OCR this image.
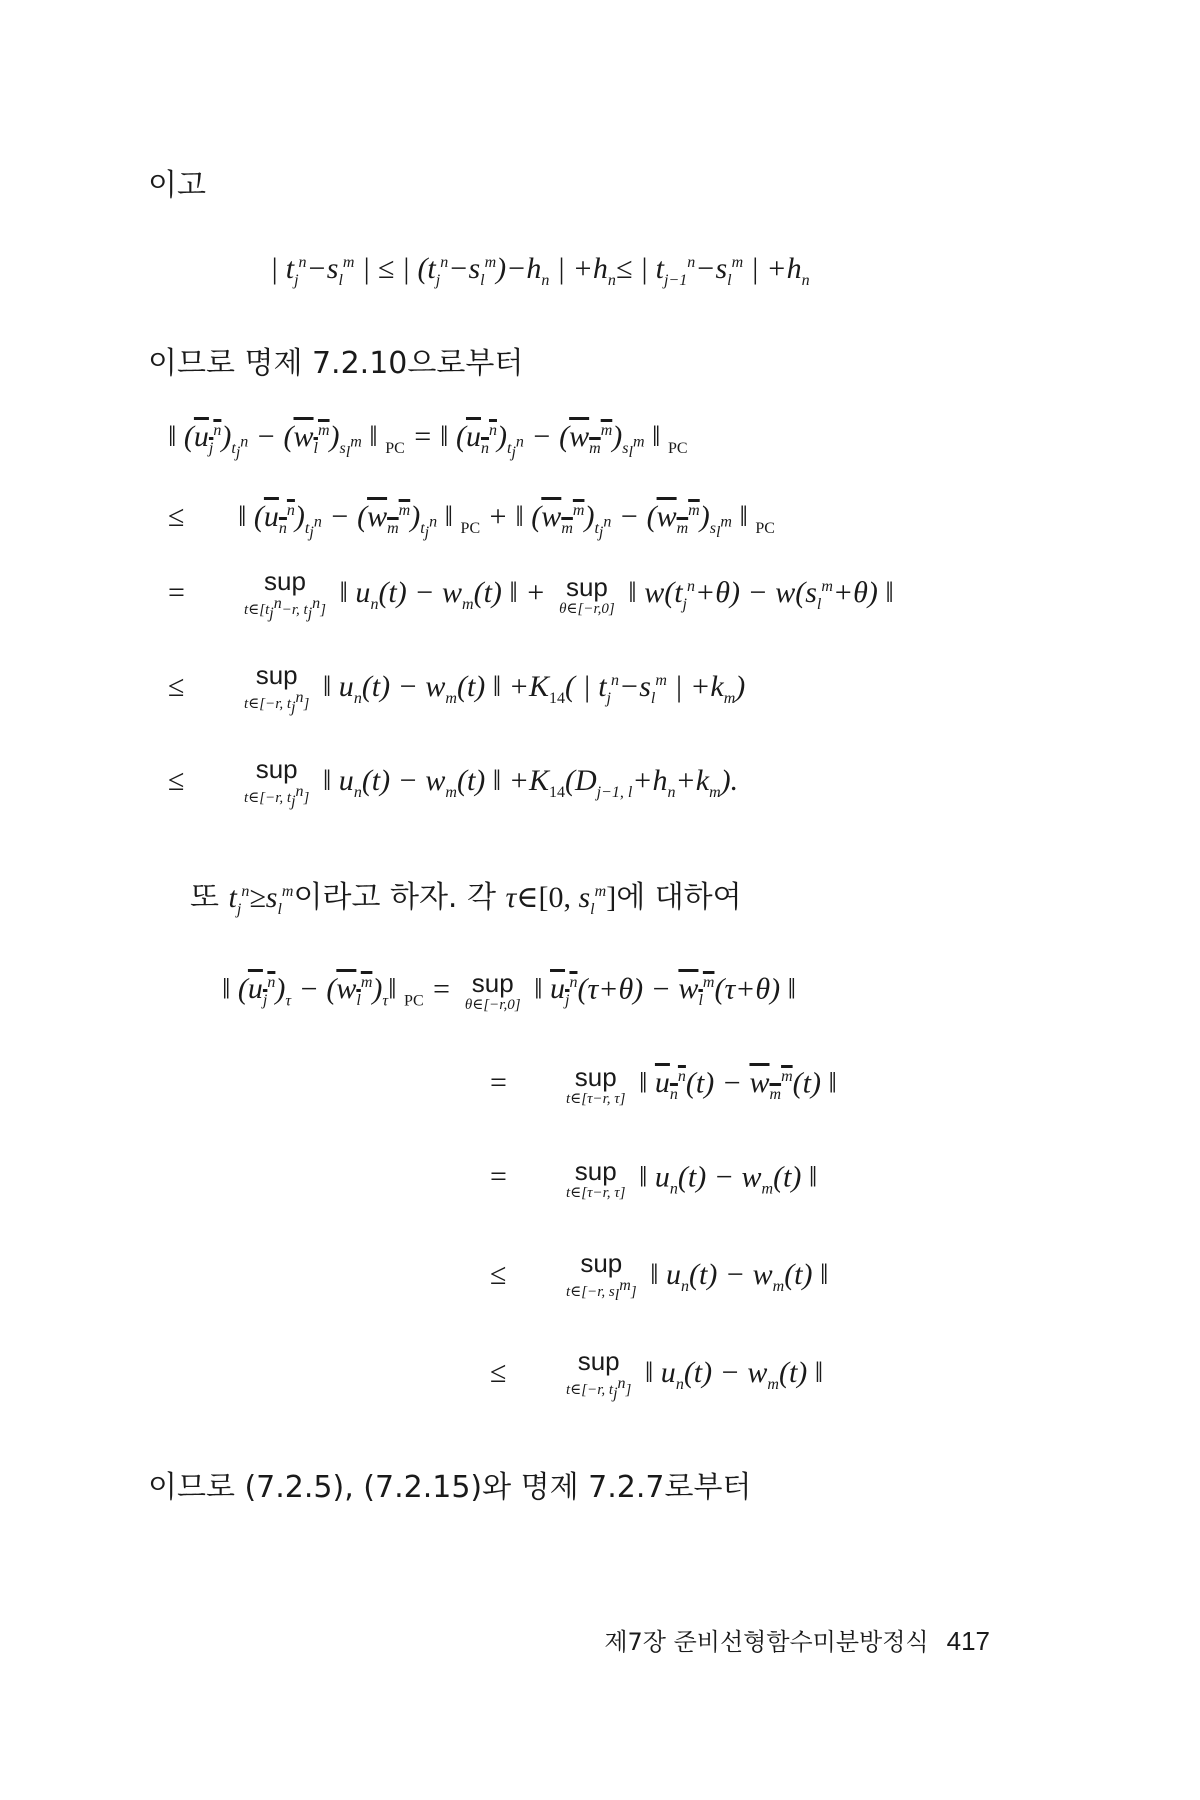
이고
| $t_j^n-s_l^m$ | ≤ | $(t_j^n-s_l^m)-h_n$ | $+h_n\le$ | $t_{j-1}^n-s_l^m$ | $+h_n$
이므로 명제 7.2.10으로부터
‖ $(u_j^n)_{t_j^n} - (w_l^m)_{s_l^m}$ ‖ $_{PC}$ = ‖ $(u_n^n)_{t_j^n} - (w_m^m)_{s_l^m}$ ‖ $_{PC}$
≤ ‖ $(u_n^n)_{t_j^n} - (w_m^m)_{t_j^n}$ ‖ $_{PC}$ + ‖ $(w_m^m)_{t_j^n} - (w_m^m)_{s_l^m}$ ‖ $_{PC}$
=	sup
$t\in[t_j^n-r$, $t_j^n$]
‖ $u_n(t) - w_m(t)$ ‖ + sup
θ∈[−r,0] ‖ $w(t_j^n+\theta) - w(s_l^m+\theta)$ ‖
≤	sup
t∈[−r, $t_j^n$]
‖ $u_n(t) - w_m(t)$ ‖ $+K_{14}$( | $t_j^n-s_l^m$ | $+k_m$)
≤	sup
t∈[−r, $t_j^n$]
‖ $u_n(t) - w_m(t)$ ‖ $+K_{14}(D_{j-1, l}+h_n+k_m)$.
또 $t_j^n\ge s_l^m$이라고 하자. 각 τ∈[0, $s_l^m$]에 대하여
‖ $(u_j^n)_\tau$ − $(w_l^m)_\tau‖$ $_{PC}$ = sup
θ∈[−r,0] ‖ $u_j^n(\tau+\theta) - w_l^m(\tau+\theta)$ ‖
=	sup
t∈[τ−r, τ] ‖ $u_n^n(t) - w_m^m(t)$ ‖
=	sup
t∈[τ−r, τ] ‖ $u_n(t) - w_m(t)$ ‖
≤	sup
t∈[−r, $s_l^m$]
‖ $u_n(t) - w_m(t)$ ‖
≤	sup
t∈[−r, $t_j^n$]
‖ $u_n(t) - w_m(t)$ ‖
이므로 (7.2.5), (7.2.15)와 명제 7.2.7로부터
제7장 준비선형함수미분방정식 417
